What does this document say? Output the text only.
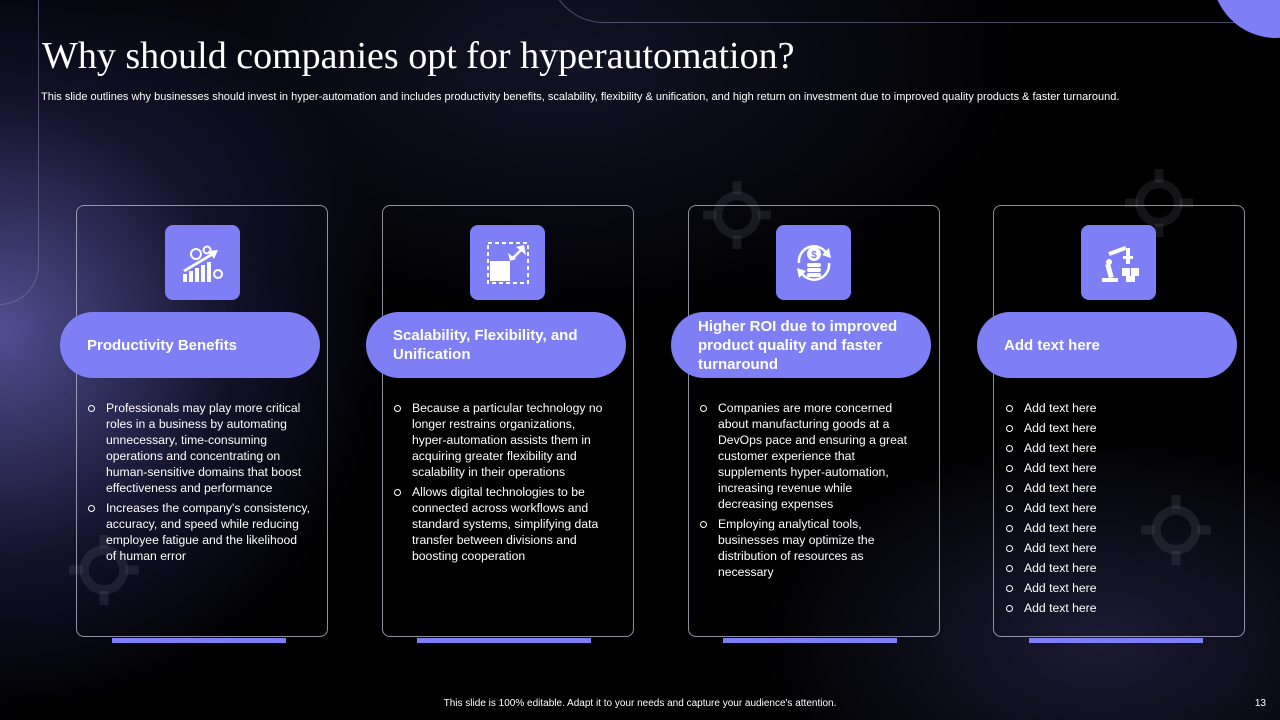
Why should companies opt for hyperautomation?
This slide outlines why businesses should invest in hyper-automation and includes productivity benefits, scalability, flexibility & unification, and high return on investment due to improved quality products & faster turnaround.
Productivity Benefits
Professionals may play more critical roles in a business by automating unnecessary, time-consuming operations and concentrating on human-sensitive domains that boost effectiveness and performance
Increases the company's consistency, accuracy, and speed while reducing employee fatigue and the likelihood of human error
Scalability, Flexibility, and Unification
Because a particular technology no longer restrains organizations, hyper-automation assists them in acquiring greater flexibility and scalability in their operations
Allows digital technologies to be connected across workflows and standard systems, simplifying data transfer between divisions and boosting cooperation
$
Higher ROI due to improved product quality and faster turnaround
Companies are more concerned about manufacturing goods at a DevOps pace and ensuring a great customer experience that supplements hyper-automation, increasing revenue while decreasing expenses
Employing analytical tools, businesses may optimize the distribution of resources as necessary
Add text here
Add text here
Add text here
Add text here
Add text here
Add text here
Add text here
Add text here
Add text here
Add text here
Add text here
Add text here
This slide is 100% editable. Adapt it to your needs and capture your audience's attention.	13
